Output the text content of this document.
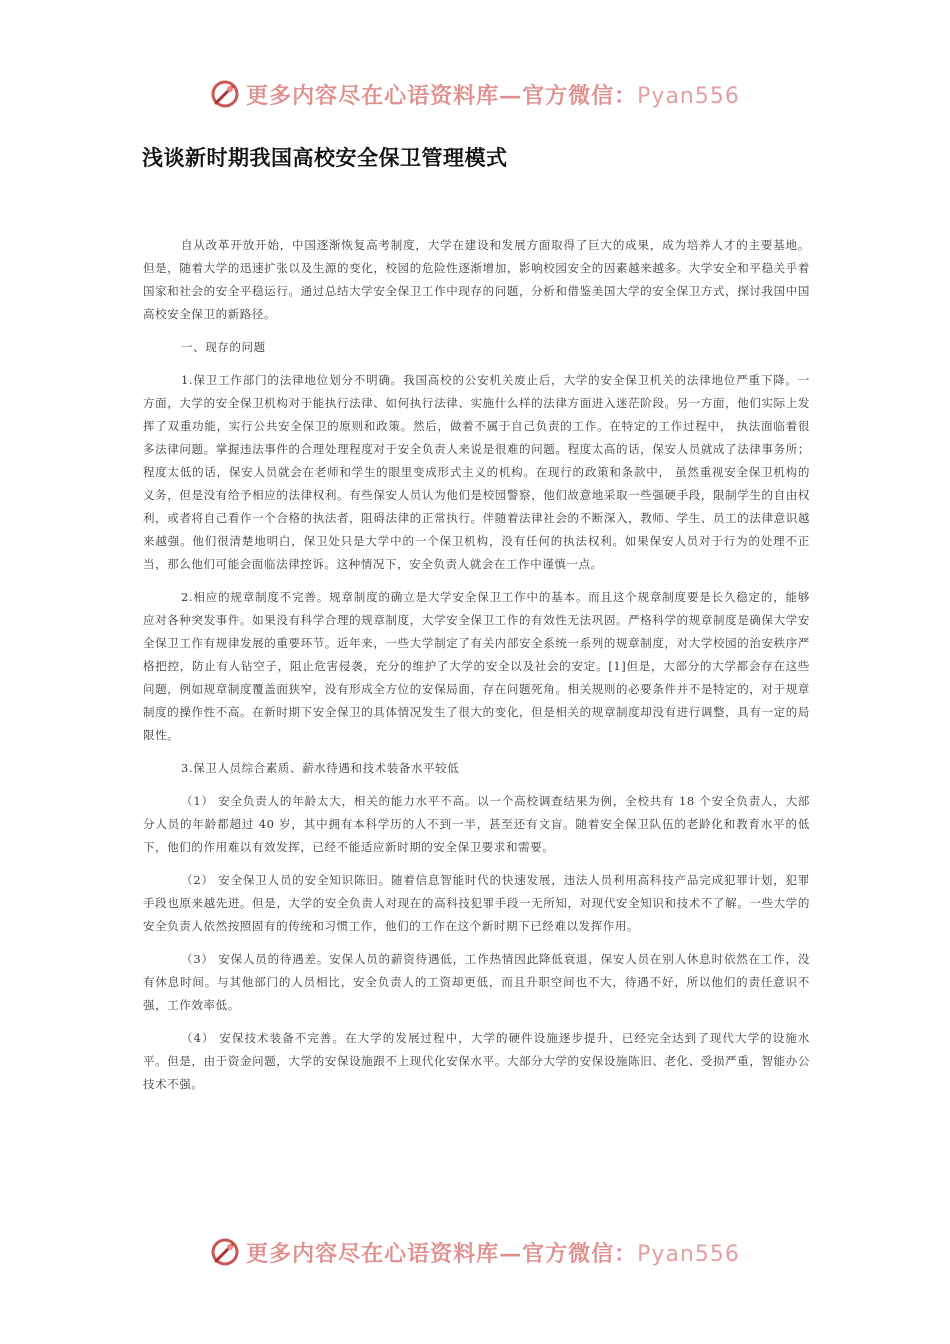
更多内容尽在心语资料库—官方微信：Pyan556
浅谈新时期我国高校安全保卫管理模式

自从改革开放开始，中国逐渐恢复高考制度，大学在建设和发展方面取得了巨大的成果，成为培养人才的主要基地。但是，随着大学的迅速扩张以及生源的变化，校园的危险性逐渐增加，影响校园安全的因素越来越多。大学安全和平稳关乎着国家和社会的安全平稳运行。通过总结大学安全保卫工作中现存的问题，分析和借鉴美国大学的安全保卫方式，探讨我国中国高校安全保卫的新路径。

一、现存的问题

1.保卫工作部门的法律地位划分不明确。我国高校的公安机关废止后，大学的安全保卫机关的法律地位严重下降。一方面，大学的安全保卫机构对于能执行法律、如何执行法律、实施什么样的法律方面进入迷茫阶段。另一方面，他们实际上发挥了双重功能，实行公共安全保卫的原则和政策。然后，做着不属于自己负责的工作。在特定的工作过程中， 执法面临着很多法律问题。掌握违法事件的合理处理程度对于安全负责人来说是很难的问题。程度太高的话，保安人员就成了法律事务所；程度太低的话，保安人员就会在老师和学生的眼里变成形式主义的机构。在现行的政策和条款中， 虽然重视安全保卫机构的义务，但是没有给予相应的法律权利。有些保安人员认为他们是校园警察，他们故意地采取一些强硬手段，限制学生的自由权利，或者将自己看作一个合格的执法者，阻碍法律的正常执行。伴随着法律社会的不断深入，教师、学生、员工的法律意识越来越强。他们很清楚地明白，保卫处只是大学中的一个保卫机构，没有任何的执法权利。如果保安人员对于行为的处理不正当，那么他们可能会面临法律控诉。这种情况下，安全负责人就会在工作中谨慎一点。

2.相应的规章制度不完善。规章制度的确立是大学安全保卫工作中的基本。而且这个规章制度要是长久稳定的，能够应对各种突发事件。如果没有科学合理的规章制度，大学安全保卫工作的有效性无法巩固。严格科学的规章制度是确保大学安全保卫工作有规律发展的重要环节。近年来，一些大学制定了有关内部安全系统一系列的规章制度，对大学校园的治安秩序严格把控，防止有人钻空子，阻止危害侵袭，充分的维护了大学的安全以及社会的安定。[1]但是，大部分的大学都会存在这些问题，例如规章制度覆盖面狭窄，没有形成全方位的安保局面，存在问题死角。相关规则的必要条件并不是特定的，对于规章制度的操作性不高。在新时期下安全保卫的具体情况发生了很大的变化，但是相关的规章制度却没有进行调整，具有一定的局限性。

3.保卫人员综合素质、薪水待遇和技术装备水平较低

（1） 安全负责人的年龄太大，相关的能力水平不高。以一个高校调查结果为例，全校共有 18 个安全负责人，大部分人员的年龄都超过 40 岁，其中拥有本科学历的人不到一半，甚至还有文盲。随着安全保卫队伍的老龄化和教育水平的低下，他们的作用难以有效发挥，已经不能适应新时期的安全保卫要求和需要。

（2） 安全保卫人员的安全知识陈旧。随着信息智能时代的快速发展，违法人员利用高科技产品完成犯罪计划，犯罪手段也原来越先进。但是，大学的安全负责人对现在的高科技犯罪手段一无所知，对现代安全知识和技术不了解。一些大学的安全负责人依然按照固有的传统和习惯工作，他们的工作在这个新时期下已经难以发挥作用。

（3） 安保人员的待遇差。安保人员的薪资待遇低，工作热情因此降低衰退，保安人员在别人休息时依然在工作，没有休息时间。与其他部门的人员相比，安全负责人的工资却更低，而且升职空间也不大，待遇不好，所以他们的责任意识不强，工作效率低。

（4） 安保技术装备不完善。在大学的发展过程中，大学的硬件设施逐步提升，已经完全达到了现代大学的设施水平。但是，由于资金问题，大学的安保设施跟不上现代化安保水平。大部分大学的安保设施陈旧、老化、受损严重，智能办公技术不强。

更多内容尽在心语资料库—官方微信：Pyan556
